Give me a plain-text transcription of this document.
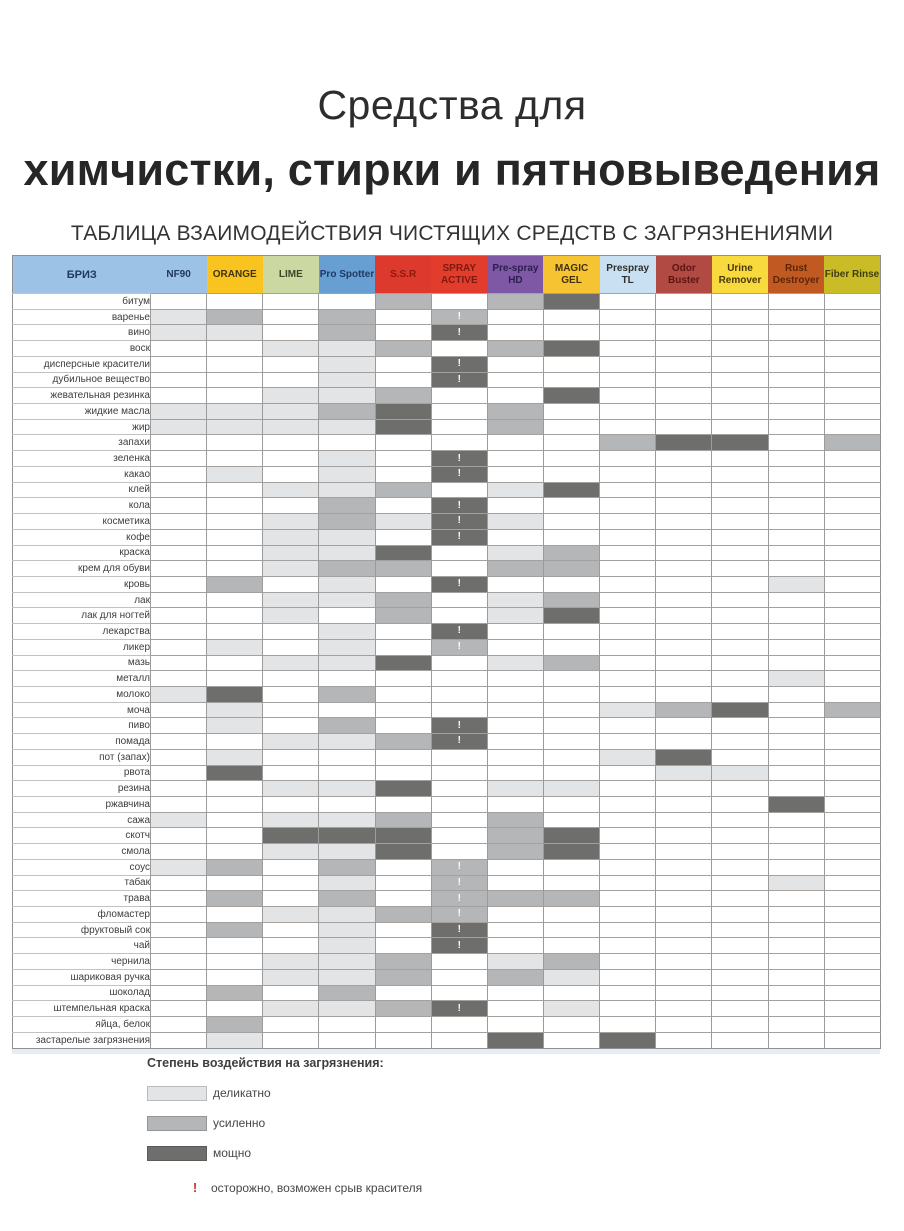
Средства для
химчистки, стирки и пятновыведения
ТАБЛИЦА ВЗАИМОДЕЙСТВИЯ ЧИСТЯЩИХ СРЕДСТВ С ЗАГРЯЗНЕНИЯМИ
БРИЗ	NF90	ORANGE	LIME	Pro Spotter	S.S.R	SPRAY ACTIVE	Pre-spray HD	MAGIC GEL	Prespray TL	Odor Buster	Urine Remover	Rust Destroyer	Fiber Rinse
битум													
варенье						!							
вино						!							
воск													
дисперсные красители						!							
дубильное вещество						!							
жевательная резинка													
жидкие масла													
жир													
запахи													
зеленка						!							
какао						!							
клей													
кола						!							
косметика						!							
кофе						!							
краска													
крем для обуви													
кровь						!							
лак													
лак для ногтей													
лекарства						!							
ликер						!							
мазь													
металл													
молоко													
моча													
пиво						!							
помада						!							
пот (запах)													
рвота													
резина													
ржавчина													
сажа													
скотч													
смола													
соус						!							
табак						!							
трава						!							
фломастер						!							
фруктовый сок						!							
чай						!							
чернила													
шариковая ручка													
шоколад													
штемпельная краска						!							
яйца, белок													
застарелые загрязнения													
Степень воздействия на загрязнения:
деликатно
усиленно
мощно
!	осторожно, возможен срыв красителя
